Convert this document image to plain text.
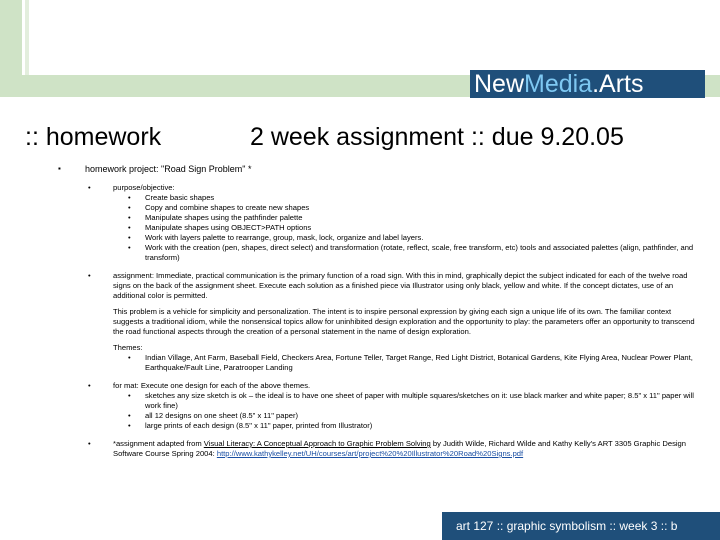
NewMedia.Arts
:: homework	2 week assignment :: due 9.20.05
▪	homework project: "Road Sign Problem" *
•	purpose/objective:
• Create basic shapes
• Copy and combine shapes to create new shapes
• Manipulate shapes using the pathfinder palette
• Manipulate shapes using OBJECT>PATH options
• Work with layers palette to rearrange, group, mask, lock, organize and label layers.
• Work with the creation (pen, shapes, direct select) and transformation (rotate, reflect, scale, free transform, etc) tools and associated palettes (align, pathfinder, and transform)
•	assignment: Immediate, practical communication is the primary function of a road sign. With this in mind, graphically depict the subject indicated for each of the twelve road signs on the back of the assignment sheet. Execute each solution as a finished piece via Illustrator using only black, yellow and white. If the concept dictates, use of an additional color is permitted.
This problem is a vehicle for simplicity and personalization. The intent is to inspire personal expression by giving each sign a unique life of its own. The familiar context suggests a traditional idiom, while the nonsensical topics allow for uninhibited design exploration and the opportunity to play: the parameters offer an opportunity to transcend the road functional aspects through the creation of a personal statement in the name of design exploration.
Themes:
• Indian Village, Ant Farm, Baseball Field, Checkers Area, Fortune Teller, Target Range, Red Light District, Botanical Gardens, Kite Flying Area, Nuclear Power Plant, Earthquake/Fault Line, Paratrooper Landing
•	for mat: Execute one design for each of the above themes.
• sketches any size sketch is ok – the ideal is to have one sheet of paper with multiple squares/sketches on it: use black marker and white paper; 8.5" x 11" paper will work fine)
• all 12 designs on one sheet (8.5" x 11" paper)
• large prints of each design (8.5" x 11" paper, printed from Illustrator)
•	*assignment adapted from Visual Literacy: A Conceptual Approach to Graphic Problem Solving by Judith Wilde, Richard Wilde and Kathy Kelly's ART 3305 Graphic Design Software Course Spring 2004: http://www.kathykelley.net/UH/courses/art/project%20%20Illustrator%20Road%20Signs.pdf
art 127 :: graphic symbolism :: week 3 :: b
